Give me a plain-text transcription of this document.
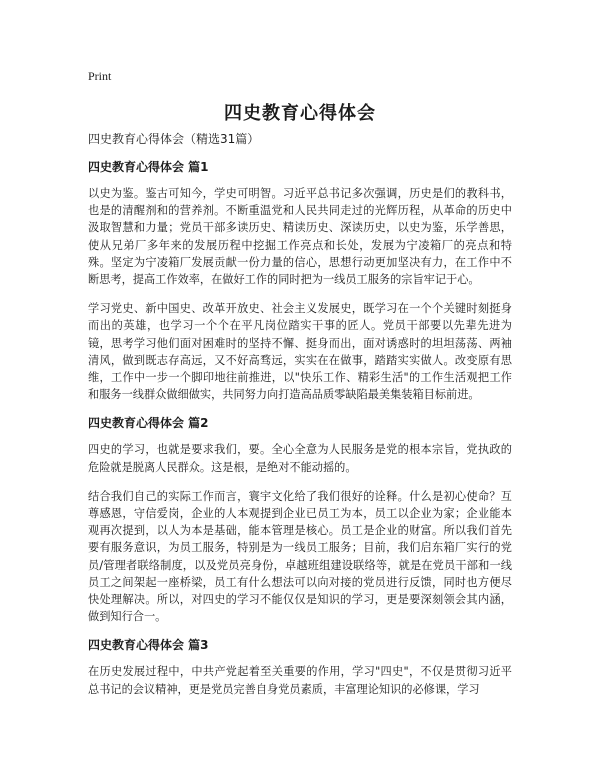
Print
四史教育心得体会

四史教育心得体会（精选31篇）

四史教育心得体会 篇1

以史为鉴。鉴古可知今，学史可明智。习近平总书记多次强调，历史是们的教科书，也是的清醒剂和的营养剂。不断重温党和人民共同走过的光辉历程，从革命的历史中汲取智慧和力量；党员干部多读历史、精读历史、深读历史，以史为鉴，乐学善思，使从兄弟厂多年来的发展历程中挖掘工作亮点和长处，发展为宁凌箱厂的亮点和特殊。坚定为宁凌箱厂发展贡献一份力量的信心，思想行动更加坚决有力，在工作中不断思考，提高工作效率，在做好工作的同时把为一线员工服务的宗旨牢记于心。

学习党史、新中国史、改革开放史、社会主义发展史，既学习在一个个关键时刻挺身而出的英雄，也学习一个个在平凡岗位踏实干事的匠人。党员干部要以先辈先进为镜，思考学习他们面对困难时的坚持不懈、挺身而出，面对诱惑时的坦坦荡荡、两袖清风，做到既志存高远，又不好高骛远，实实在在做事，踏踏实实做人。改变原有思维，工作中一步一个脚印地往前推进，以"快乐工作、精彩生活"的工作生活观把工作和服务一线群众做细做实，共同努力向打造高品质零缺陷最美集装箱目标前进。

四史教育心得体会 篇2

四史的学习，也就是要求我们，要。全心全意为人民服务是党的根本宗旨，党执政的危险就是脱离人民群众。这是根，是绝对不能动摇的。

结合我们自己的实际工作而言，寰宇文化给了我们很好的诠释。什么是初心使命？互尊感恩，守信爱岗，企业的人本观提到企业已员工为本，员工以企业为家；企业能本观再次提到，以人为本是基础，能本管理是核心。员工是企业的财富。所以我们首先要有服务意识，为员工服务，特别是为一线员工服务；目前，我们启东箱厂实行的党员/管理者联络制度，以及党员亮身份，卓越班组建设联络等，就是在党员干部和一线员工之间架起一座桥梁，员工有什么想法可以向对接的党员进行反馈，同时也方便尽快处理解决。所以，对四史的学习不能仅仅是知识的学习，更是要深刻领会其内涵，做到知行合一。

四史教育心得体会 篇3

在历史发展过程中，中共产党起着至关重要的作用，学习"四史"，不仅是贯彻习近平总书记的会议精神，更是党员完善自身党员素质，丰富理论知识的必修课，学习
